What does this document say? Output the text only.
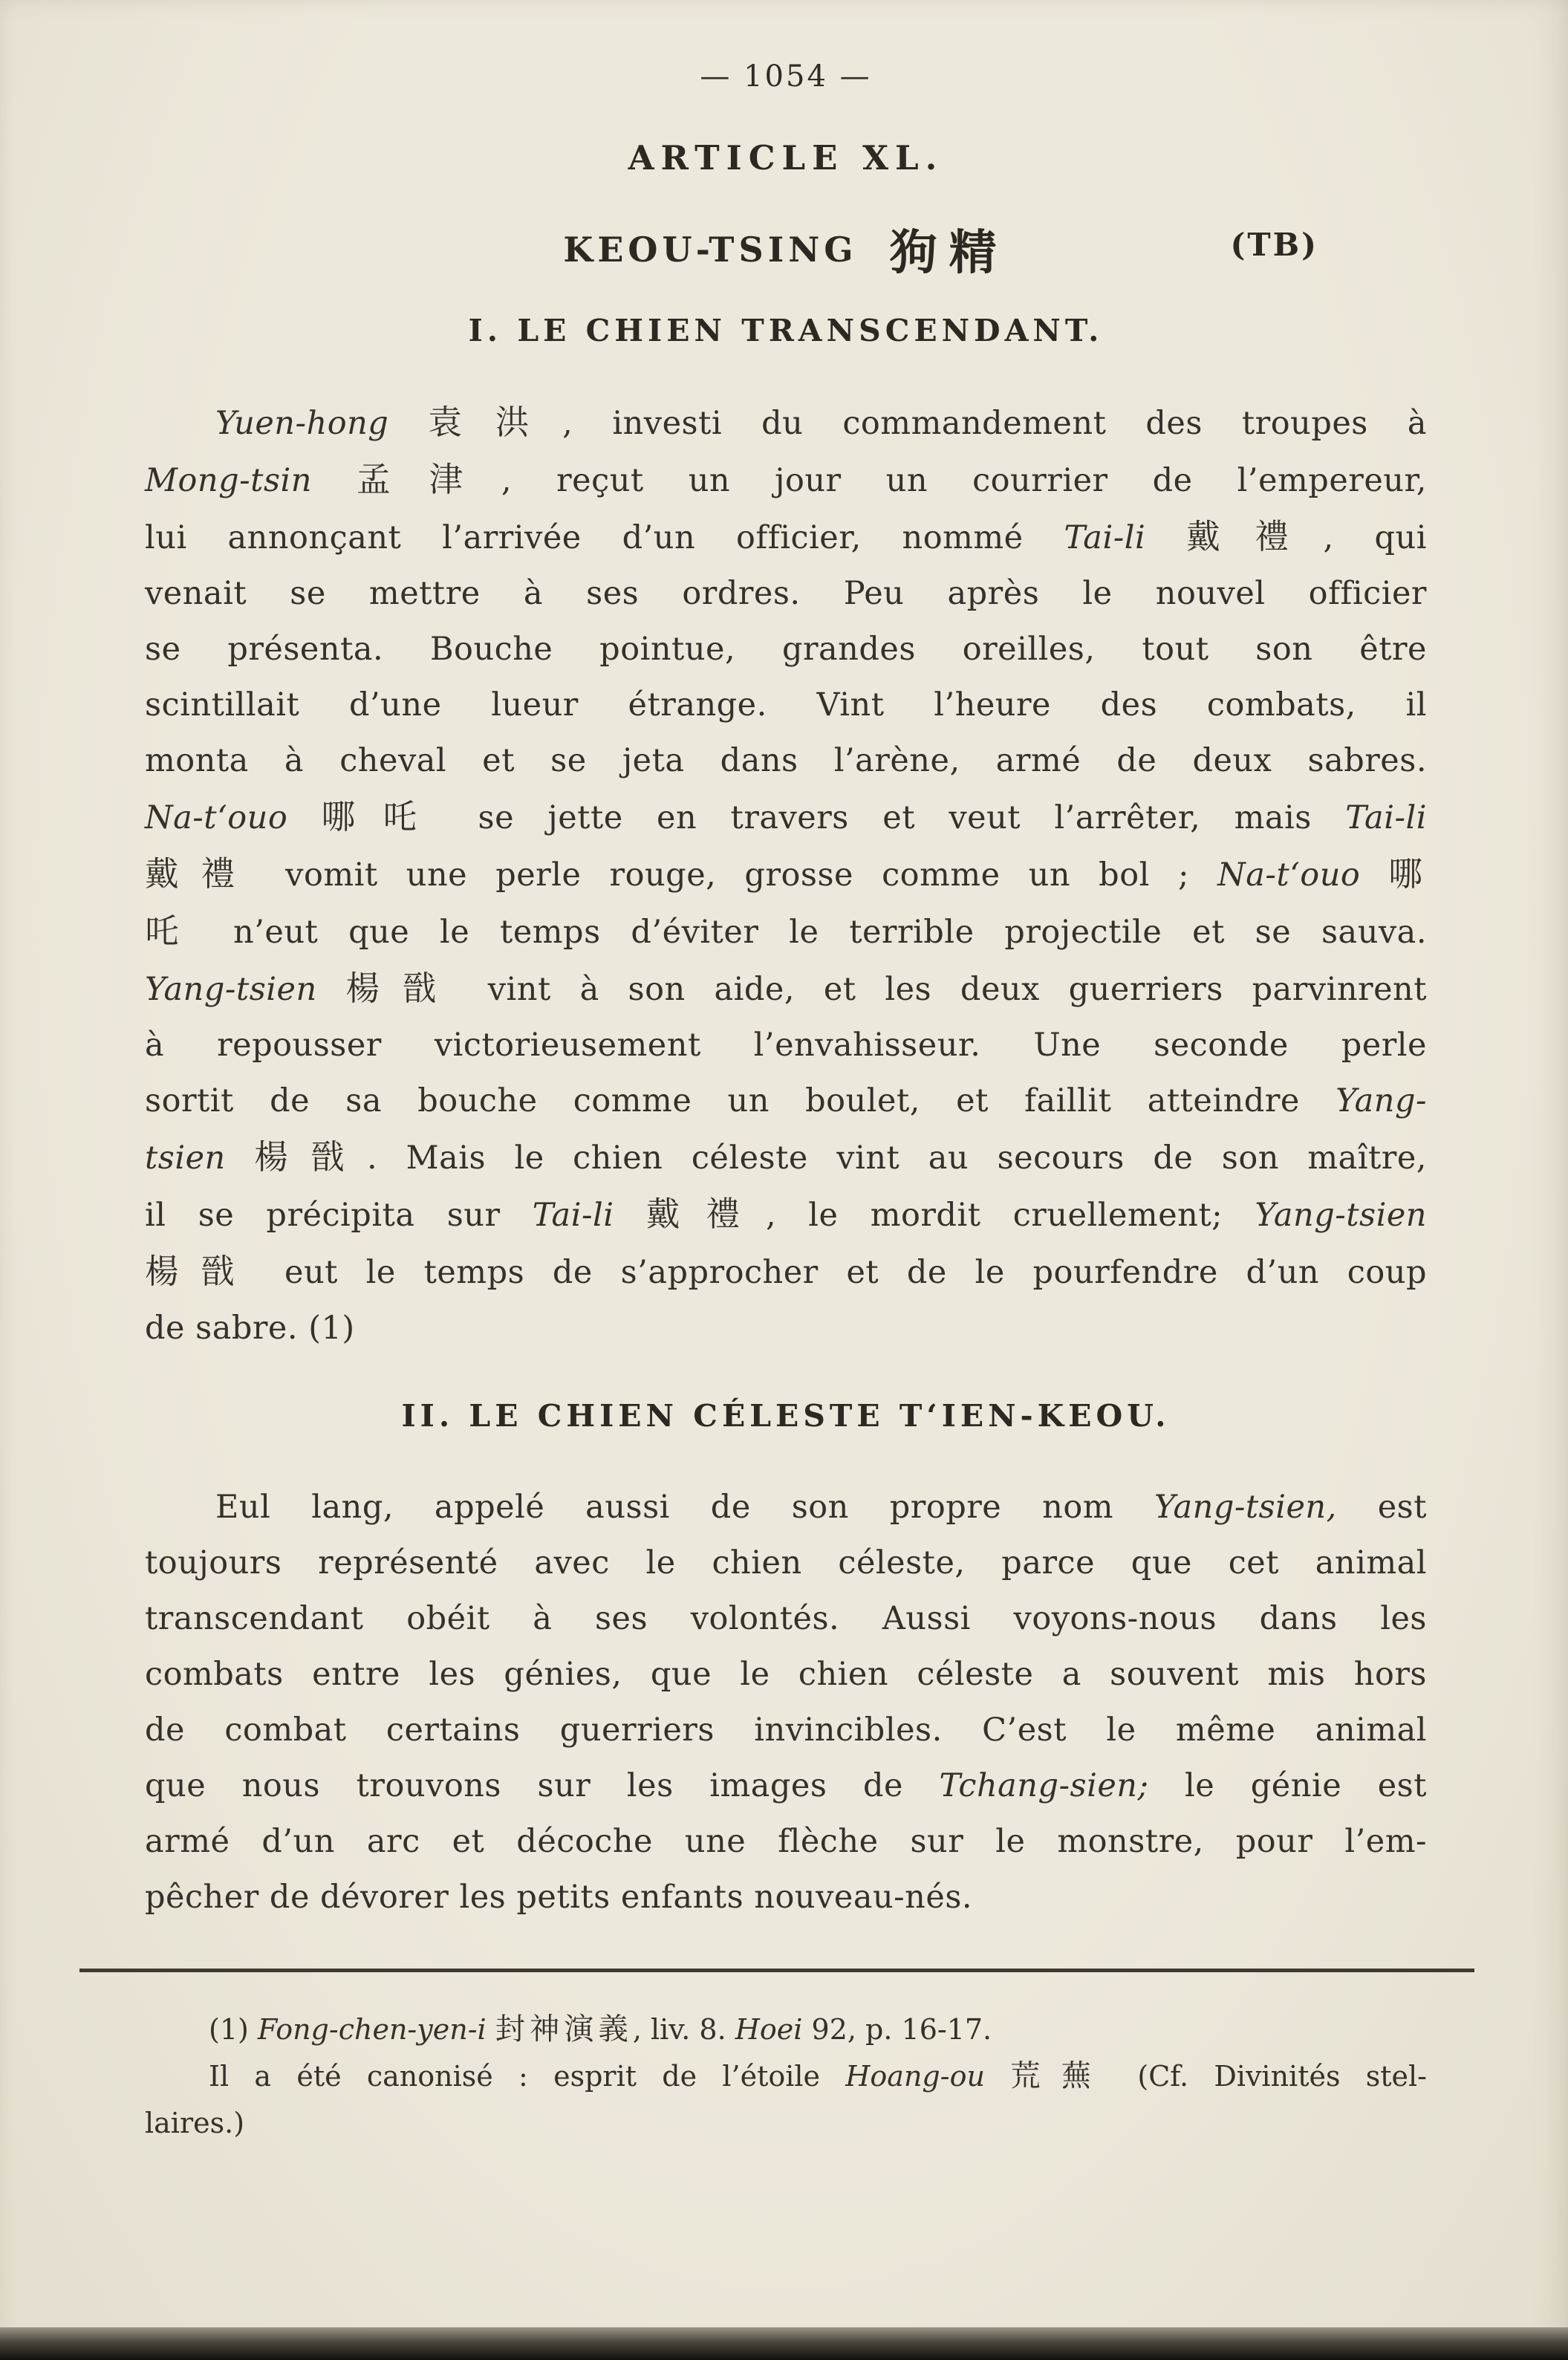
— 1054 —
ARTICLE XL.
KEOU-TSING 狗精	(TB)
I. LE CHIEN TRANSCENDANT.
Yuen-hong 袁洪, investi du commandement des troupes à
Mong-tsin 孟津, reçut un jour un courrier de l’empereur,
lui annonçant l’arrivée d’un officier, nommé Tai-li 戴禮, qui
venait se mettre à ses ordres. Peu après le nouvel officier
se présenta. Bouche pointue, grandes oreilles, tout son être
scintillait d’une lueur étrange. Vint l’heure des combats, il
monta à cheval et se jeta dans l’arène, armé de deux sabres.
Na-t‘ouo 哪吒 se jette en travers et veut l’arrêter, mais Tai-li
戴禮 vomit une perle rouge, grosse comme un bol ; Na-t‘ouo 哪
吒 n’eut que le temps d’éviter le terrible projectile et se sauva.
Yang-tsien 楊戩 vint à son aide, et les deux guerriers parvinrent
à repousser victorieusement l’envahisseur. Une seconde perle
sortit de sa bouche comme un boulet, et faillit atteindre Yang-
tsien 楊戩. Mais le chien céleste vint au secours de son maître,
il se précipita sur Tai-li 戴禮, le mordit cruellement; Yang-tsien
楊戩 eut le temps de s’approcher et de le pourfendre d’un coup
de sabre. (1)
II. LE CHIEN CÉLESTE T‘IEN-KEOU.
Eul lang, appelé aussi de son propre nom Yang-tsien, est
toujours représenté avec le chien céleste, parce que cet animal
transcendant obéit à ses volontés. Aussi voyons-nous dans les
combats entre les génies, que le chien céleste a souvent mis hors
de combat certains guerriers invincibles. C’est le même animal
que nous trouvons sur les images de Tchang-sien; le génie est
armé d’un arc et décoche une flèche sur le monstre, pour l’em-
pêcher de dévorer les petits enfants nouveau-nés.
(1) Fong-chen-yen-i 封神演義, liv. 8. Hoei 92, p. 16-17.
Il a été canonisé : esprit de l’étoile Hoang-ou 荒蕪 (Cf. Divinités stel-
laires.)
